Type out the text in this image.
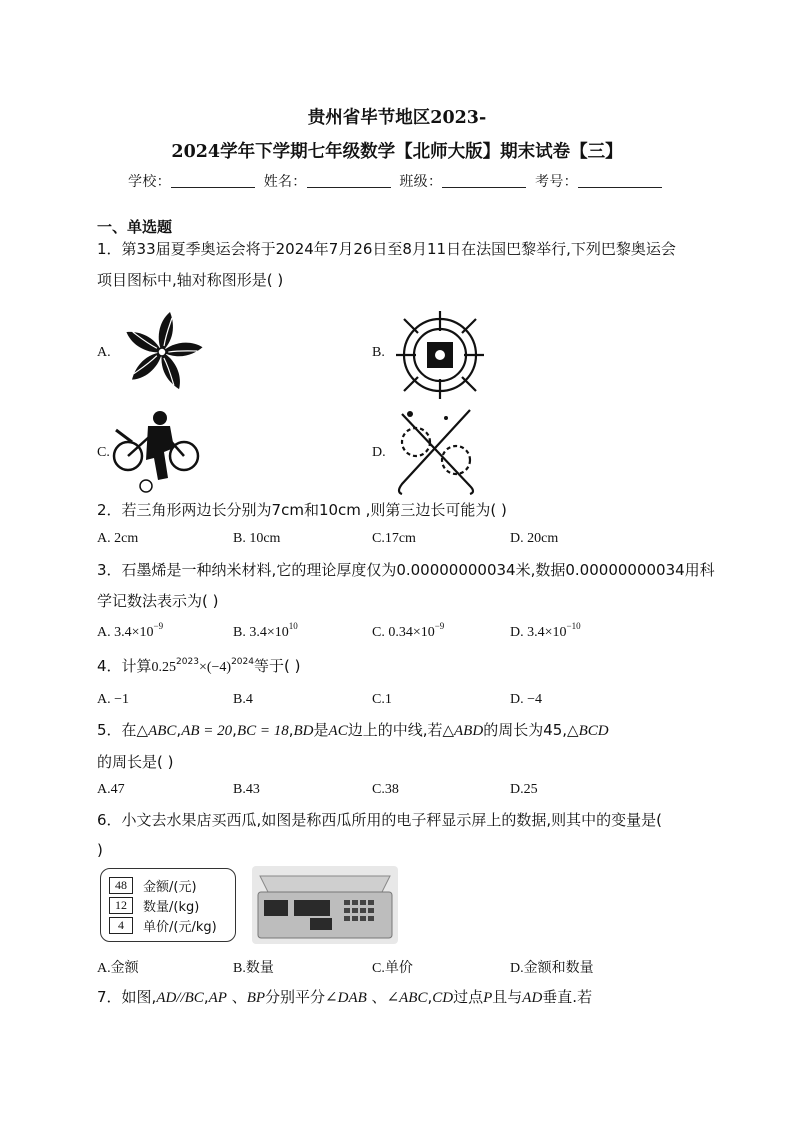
贵州省毕节地区2023-
2024学年下学期七年级数学【北师大版】期末试卷【三】
学校：	姓名：	班级：	考号：
一、单选题
1．第33届夏季奥运会将于2024年7月26日至8月11日在法国巴黎举行,下列巴黎奥运会
项目图标中,轴对称图形是( )
A.	B.
C.	D.
2．若三角形两边长分别为7cm和10cm ,则第三边长可能为( )
A. 2cm	B. 10cm	C.17cm	D. 20cm
3．石墨烯是一种纳米材料,它的理论厚度仅为0.00000000034米,数据0.00000000034用科
学记数法表示为( )
A. $3.4\times 10^{-9}$	B. $3.4\times 10^{10}$	C. $0.34\times 10^{-9}$	D. $3.4\times 10^{-10}$
4．计算$0.25^{2023}\times(-4)^{2024}$等于( )
A. −1	B.4	C.1	D. −4
5．在△ABC,AB = 20,BC = 18,BD是AC边上的中线,若△ABD的周长为45,△BCD
的周长是( )
A.47	B.43	C.38	D.25
6．小文去水果店买西瓜,如图是称西瓜所用的电子秤显示屏上的数据,则其中的变量是(
)
48	金额/(元)
12	数量/(kg)
4	单价/(元/kg)
A.金额	B.数量	C.单价	D.金额和数量
7．如图,AD//BC,AP 、BP分别平分∠DAB 、∠ABC,CD过点P且与AD垂直.若
